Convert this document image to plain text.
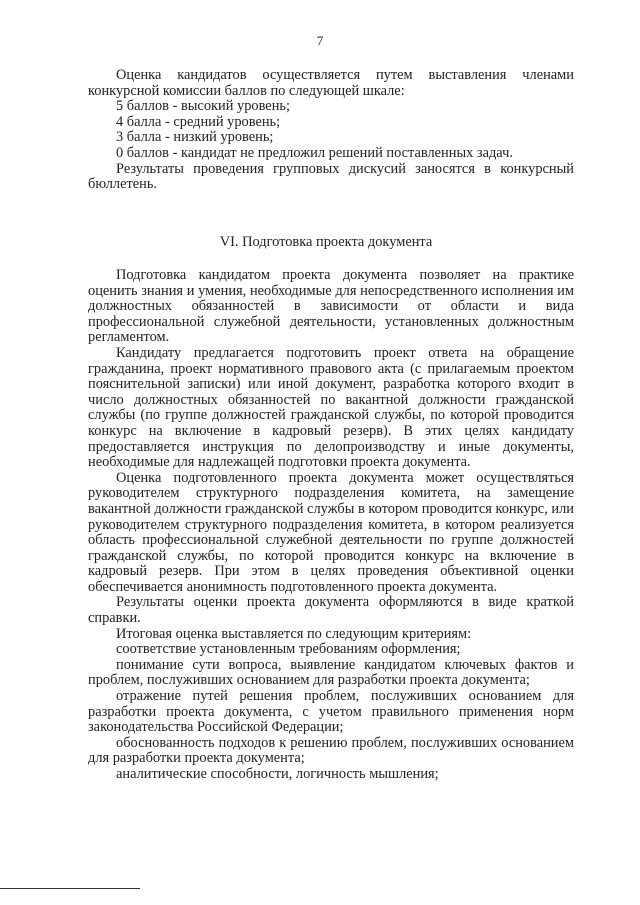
7

Оценка кандидатов осуществляется путем выставления членами конкурсной комиссии баллов по следующей шкале:

5 баллов - высокий уровень;

4 балла - средний уровень;

3 балла - низкий уровень;

0 баллов - кандидат не предложил решений поставленных задач.

Результаты проведения групповых дискусий заносятся в конкурсный бюллетень.

VI. Подготовка проекта документа

Подготовка кандидатом проекта документа позволяет на практике оценить знания и умения, необходимые для непосредственного исполнения им должностных обязанностей в зависимости от области и вида профессиональной служебной деятельности, установленных должностным регламентом.

Кандидату предлагается подготовить проект ответа на обращение гражданина, проект нормативного правового акта (с прилагаемым проектом пояснительной записки) или иной документ, разработка которого входит в число должностных обязанностей по вакантной должности гражданской службы (по группе должностей гражданской службы, по которой проводится конкурс на включение в кадровый резерв). В этих целях кандидату предоставляется инструкция по делопроизводству и иные документы, необходимые для надлежащей подготовки проекта документа.

Оценка подготовленного проекта документа может осуществляться руководителем структурного подразделения комитета, на замещение вакантной должности гражданской службы в котором проводится конкурс, или руководителем структурного подразделения комитета, в котором реализуется область профессиональной служебной деятельности по группе должностей гражданской службы, по которой проводится конкурс на включение в кадровый резерв. При этом в целях проведения объективной оценки обеспечивается анонимность подготовленного проекта документа.

Результаты оценки проекта документа оформляются в виде краткой справки.

Итоговая оценка выставляется по следующим критериям:

соответствие установленным требованиям оформления;

понимание сути вопроса, выявление кандидатом ключевых фактов и проблем, послуживших основанием для разработки проекта документа;

отражение путей решения проблем, послуживших основанием для разработки проекта документа, с учетом правильного применения норм законодательства Российской Федерации;

обоснованность подходов к решению проблем, послуживших основанием для разработки проекта документа;

аналитические способности, логичность мышления;
